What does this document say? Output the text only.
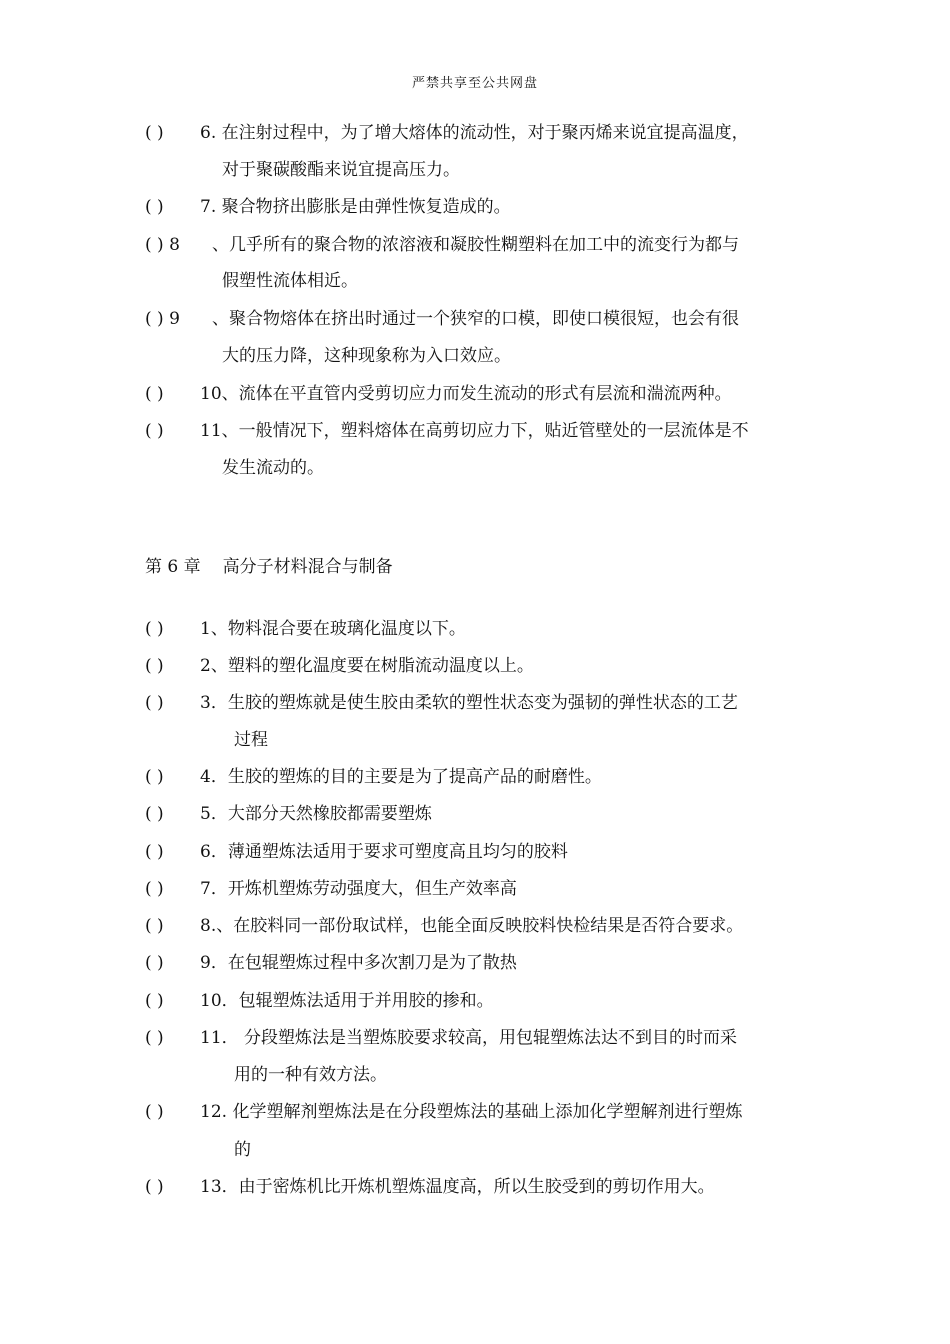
严禁共享至公共网盘
( ) 6. 在注射过程中，为了增大熔体的流动性，对于聚丙烯来说宜提高温度，
对于聚碳酸酯来说宜提高压力。
( ) 7. 聚合物挤出膨胀是由弹性恢复造成的。
( ) 8 、几乎所有的聚合物的浓溶液和凝胶性糊塑料在加工中的流变行为都与
假塑性流体相近。
( ) 9 、聚合物熔体在挤出时通过一个狭窄的口模，即使口模很短，也会有很
大的压力降，这种现象称为入口效应。
( ) 10、流体在平直管内受剪切应力而发生流动的形式有层流和湍流两种。
( ) 11、一般情况下，塑料熔体在高剪切应力下，贴近管壁处的一层流体是不
发生流动的。
第 6 章 高分子材料混合与制备
( ) 1、物料混合要在玻璃化温度以下。
( ) 2、塑料的塑化温度要在树脂流动温度以上。
( ) 3．生胶的塑炼就是使生胶由柔软的塑性状态变为强韧的弹性状态的工艺
过程
( ) 4．生胶的塑炼的目的主要是为了提高产品的耐磨性。
( ) 5．大部分天然橡胶都需要塑炼
( ) 6．薄通塑炼法适用于要求可塑度高且均匀的胶料
( ) 7．开炼机塑炼劳动强度大，但生产效率高
( ) 8.、在胶料同一部份取试样，也能全面反映胶料快检结果是否符合要求。
( ) 9．在包辊塑炼过程中多次割刀是为了散热
( ) 10．包辊塑炼法适用于并用胶的掺和。
( ) 11． 分段塑炼法是当塑炼胶要求较高，用包辊塑炼法达不到目的时而采
用的一种有效方法。
( ) 12. 化学塑解剂塑炼法是在分段塑炼法的基础上添加化学塑解剂进行塑炼
的
( ) 13．由于密炼机比开炼机塑炼温度高，所以生胶受到的剪切作用大。
